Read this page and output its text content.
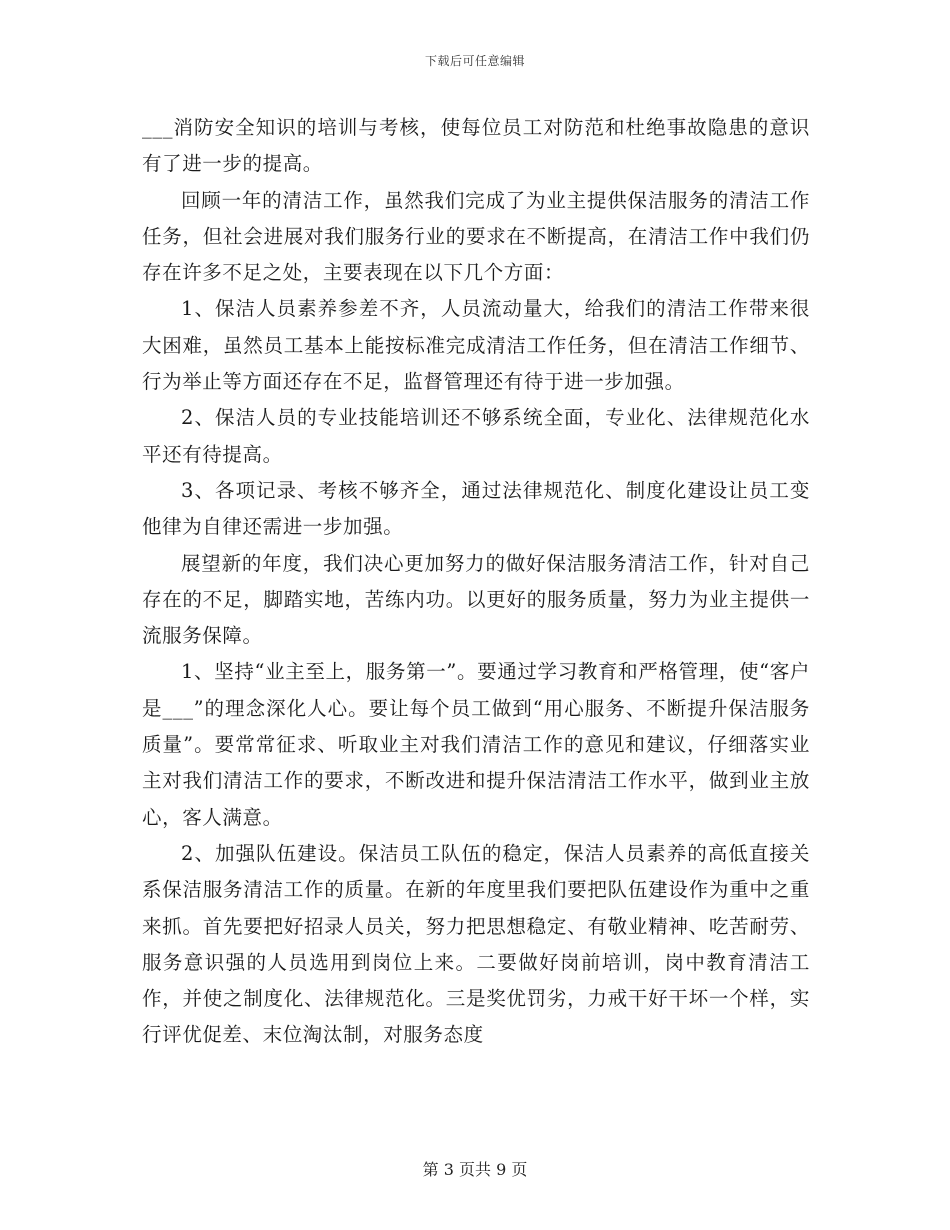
下载后可任意编辑

___消防安全知识的培训与考核，使每位员工对防范和杜绝事故隐患的意识有了进一步的提高。

回顾一年的清洁工作，虽然我们完成了为业主提供保洁服务的清洁工作任务，但社会进展对我们服务行业的要求在不断提高，在清洁工作中我们仍存在许多不足之处，主要表现在以下几个方面：

1、保洁人员素养参差不齐，人员流动量大，给我们的清洁工作带来很大困难，虽然员工基本上能按标准完成清洁工作任务，但在清洁工作细节、行为举止等方面还存在不足，监督管理还有待于进一步加强。

2、保洁人员的专业技能培训还不够系统全面，专业化、法律规范化水平还有待提高。

3、各项记录、考核不够齐全，通过法律规范化、制度化建设让员工变他律为自律还需进一步加强。

展望新的年度，我们决心更加努力的做好保洁服务清洁工作，针对自己存在的不足，脚踏实地，苦练内功。以更好的服务质量，努力为业主提供一流服务保障。

1、坚持“业主至上，服务第一”。要通过学习教育和严格管理，使“客户是___”的理念深化人心。要让每个员工做到“用心服务、不断提升保洁服务质量”。要常常征求、听取业主对我们清洁工作的意见和建议，仔细落实业主对我们清洁工作的要求，不断改进和提升保洁清洁工作水平，做到业主放心，客人满意。

2、加强队伍建设。保洁员工队伍的稳定，保洁人员素养的高低直接关系保洁服务清洁工作的质量。在新的年度里我们要把队伍建设作为重中之重来抓。首先要把好招录人员关，努力把思想稳定、有敬业精神、吃苦耐劳、服务意识强的人员选用到岗位上来。二要做好岗前培训，岗中教育清洁工作，并使之制度化、法律规范化。三是奖优罚劣，力戒干好干坏一个样，实行评优促差、末位淘汰制，对服务态度

第 3 页共 9 页
